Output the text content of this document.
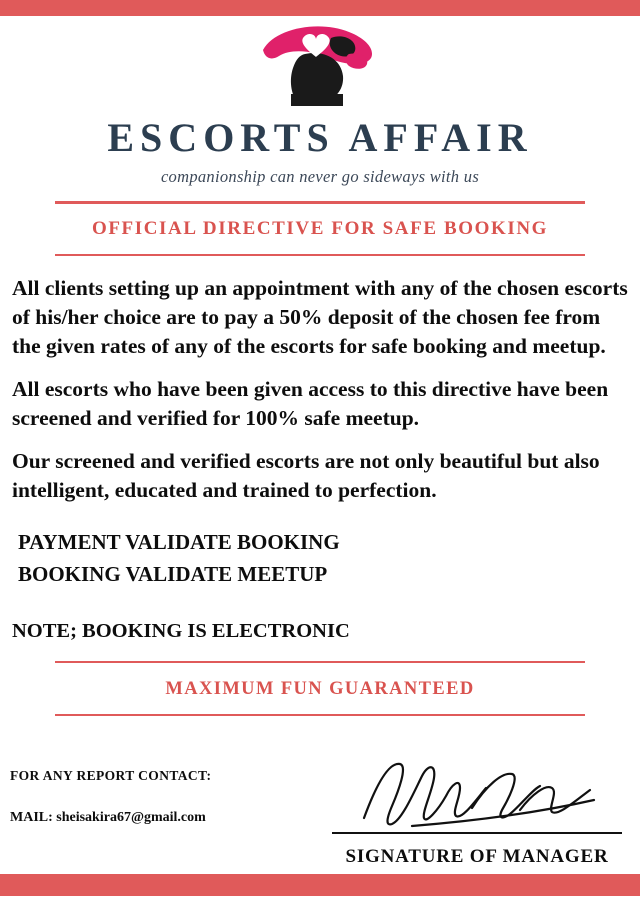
ESCORTS AFFAIR
companionship can never go sideways with us
OFFICIAL DIRECTIVE FOR SAFE BOOKING
All clients setting up an appointment with any of the chosen escorts of his/her choice are to pay a 50% deposit of the chosen fee from the given rates of any of the escorts for safe booking and meetup.
All escorts who have been given access to this directive have been screened and verified for 100% safe meetup.
Our screened and verified escorts are not only beautiful but also intelligent, educated and trained to perfection.
PAYMENT VALIDATE BOOKING
BOOKING VALIDATE MEETUP
NOTE; BOOKING IS ELECTRONIC
MAXIMUM FUN GUARANTEED
FOR ANY REPORT CONTACT:
MAIL: sheisakira67@gmail.com
SIGNATURE OF MANAGER
